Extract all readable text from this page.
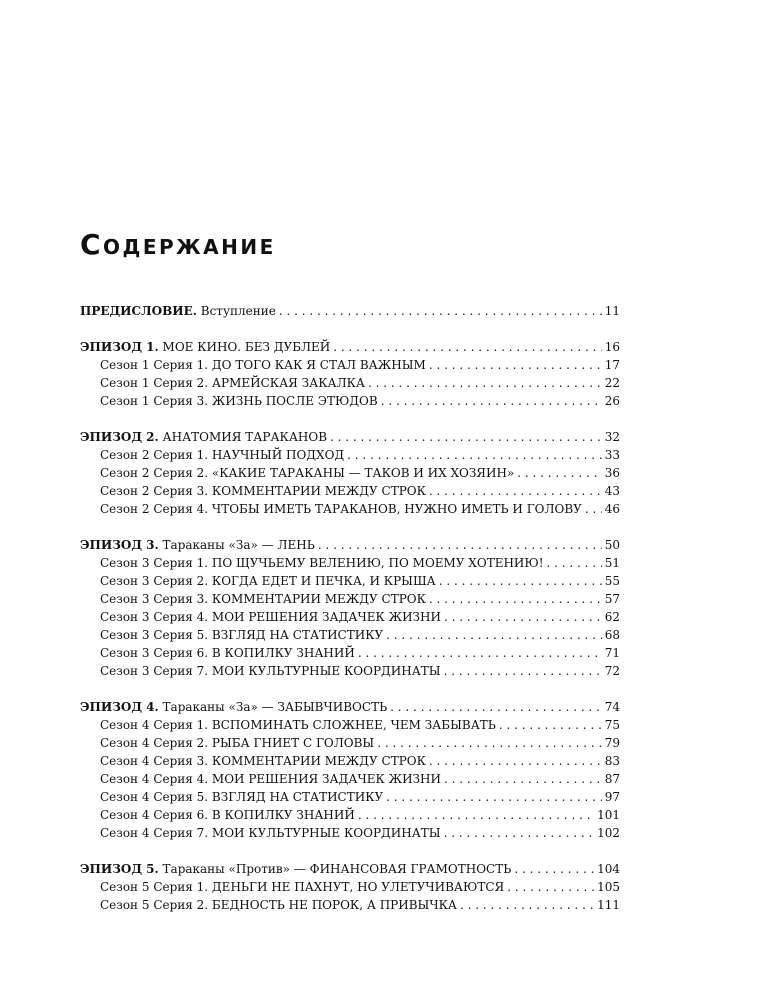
Содержание
ПРЕДИСЛОВИЕ. Вступление . . .	11
ЭПИЗОД 1. МОЕ КИНО. БЕЗ ДУБЛЕЙ . . .	16
Сезон 1 Серия 1. ДО ТОГО КАК Я СТАЛ ВАЖНЫМ . . .	17
Сезон 1 Серия 2. АРМЕЙСКАЯ ЗАКАЛКА . . .	22
Сезон 1 Серия 3. ЖИЗНЬ ПОСЛЕ ЭТЮДОВ . . .	26
ЭПИЗОД 2. АНАТОМИЯ ТАРАКАНОВ . . .	32
Сезон 2 Серия 1. НАУЧНЫЙ ПОДХОД . . .	33
Сезон 2 Серия 2. «КАКИЕ ТАРАКАНЫ — ТАКОВ И ИХ ХОЗЯИН» . . .	36
Сезон 2 Серия 3. КОММЕНТАРИИ МЕЖДУ СТРОК . . .	43
Сезон 2 Серия 4. ЧТОБЫ ИМЕТЬ ТАРАКАНОВ, НУЖНО ИМЕТЬ И ГОЛОВУ . . . 46
ЭПИЗОД 3. Тараканы «За» — ЛЕНЬ . . .	50
Сезон 3 Серия 1. ПО ЩУЧЬЕМУ ВЕЛЕНИЮ, ПО МОЕМУ ХОТЕНИЮ! . . .	51
Сезон 3 Серия 2. КОГДА ЕДЕТ И ПЕЧКА, И КРЫША . . .	55
Сезон 3 Серия 3. КОММЕНТАРИИ МЕЖДУ СТРОК . . .	57
Сезон 3 Серия 4. МОИ РЕШЕНИЯ ЗАДАЧЕК ЖИЗНИ . . .	62
Сезон 3 Серия 5. ВЗГЛЯД НА СТАТИСТИКУ . . .	68
Сезон 3 Серия 6. В КОПИЛКУ ЗНАНИЙ . . .	71
Сезон 3 Серия 7. МОИ КУЛЬТУРНЫЕ КООРДИНАТЫ . . .	72
ЭПИЗОД 4. Тараканы «За» — ЗАБЫВЧИВОСТЬ . . .	74
Сезон 4 Серия 1. ВСПОМИНАТЬ СЛОЖНЕЕ, ЧЕМ ЗАБЫВАТЬ . . .	75
Сезон 4 Серия 2. РЫБА ГНИЕТ С ГОЛОВЫ . . .	79
Сезон 4 Серия 3. КОММЕНТАРИИ МЕЖДУ СТРОК . . .	83
Сезон 4 Серия 4. МОИ РЕШЕНИЯ ЗАДАЧЕК ЖИЗНИ . . .	87
Сезон 4 Серия 5. ВЗГЛЯД НА СТАТИСТИКУ . . .	97
Сезон 4 Серия 6. В КОПИЛКУ ЗНАНИЙ . . .	101
Сезон 4 Серия 7. МОИ КУЛЬТУРНЫЕ КООРДИНАТЫ . . .	102
ЭПИЗОД 5. Тараканы «Против» — ФИНАНСОВАЯ ГРАМОТНОСТЬ . . .	104
Сезон 5 Серия 1. ДЕНЬГИ НЕ ПАХНУТ, НО УЛЕТУЧИВАЮТСЯ . . .	105
Сезон 5 Серия 2. БЕДНОСТЬ НЕ ПОРОК, А ПРИВЫЧКА . . .	111
